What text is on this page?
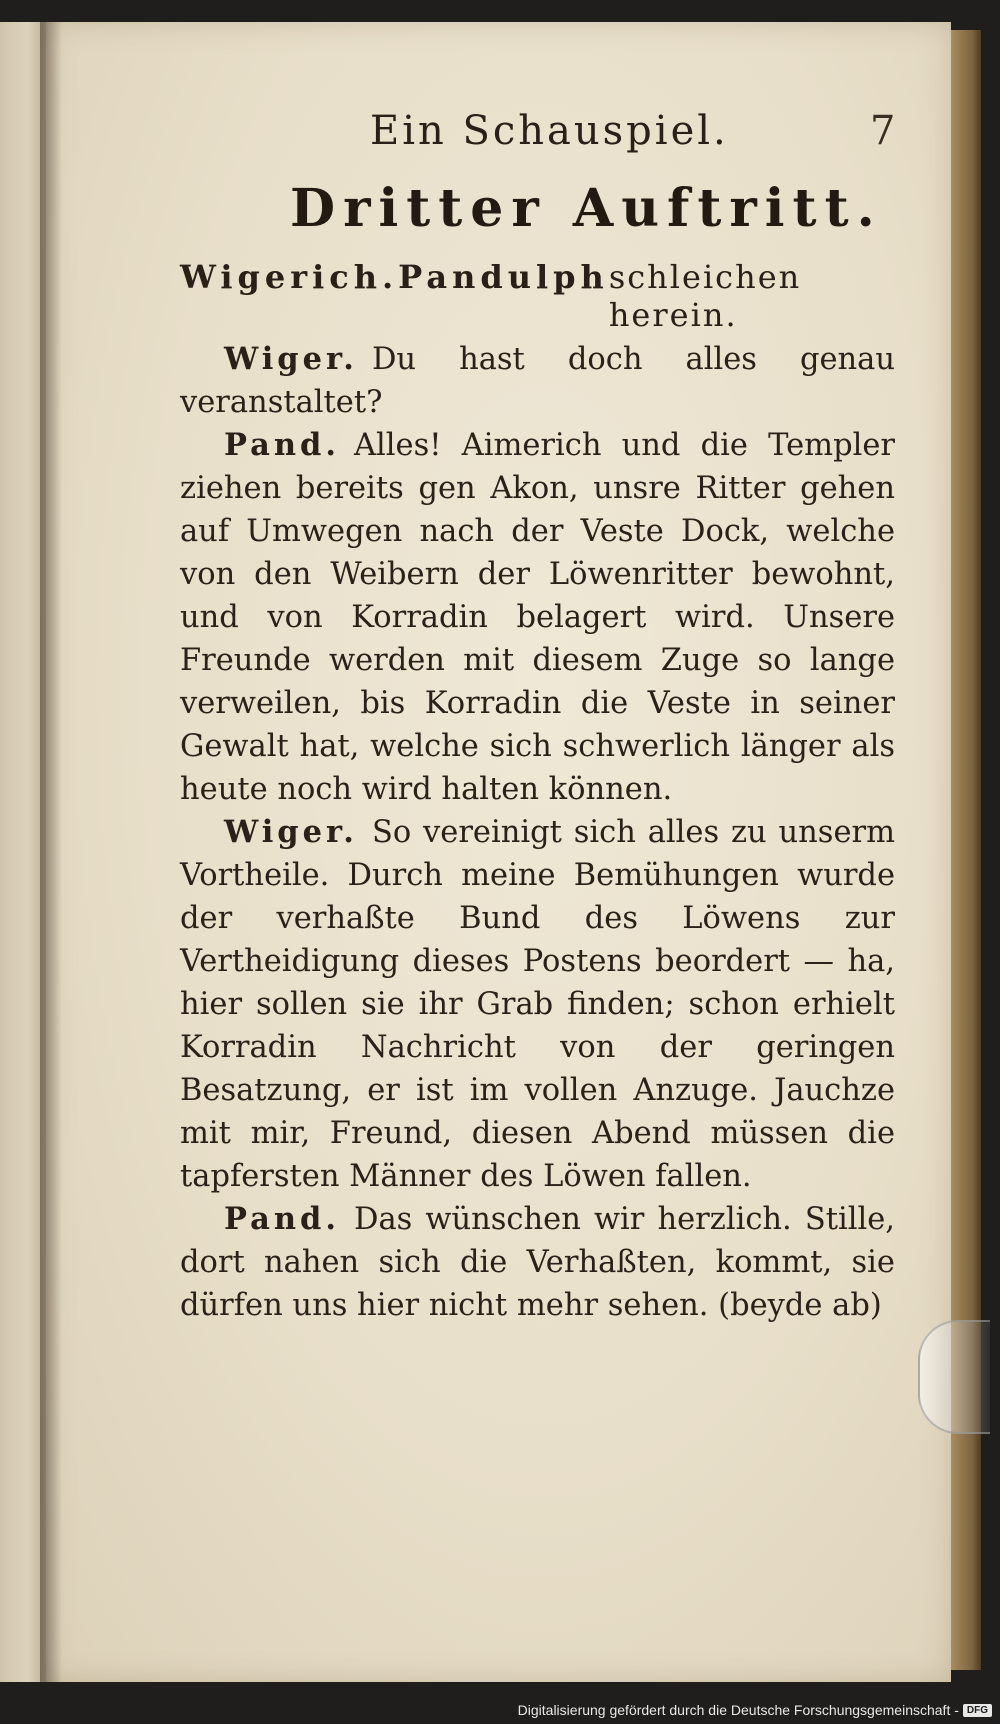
Ein Schauspiel.	7
Dritter Auftritt.
Wigerich. Pandulph schleichen herein.

Wiger. Du hast doch alles genau veranstaltet?

Pand. Alles! Aimerich und die Templer ziehen bereits gen Akon, unsre Ritter gehen auf Umwegen nach der Veste Dock, welche von den Weibern der Löwenritter bewohnt, und von Korradin belagert wird. Unsere Freunde werden mit diesem Zuge so lange verweilen, bis Korradin die Veste in seiner Gewalt hat, welche sich schwerlich länger als heute noch wird halten können.

Wiger. So vereinigt sich alles zu unserm Vortheile. Durch meine Bemühungen wurde der verhaßte Bund des Löwens zur Vertheidigung dieses Postens beordert — ha, hier sollen sie ihr Grab finden; schon erhielt Korradin Nachricht von der geringen Besatzung, er ist im vollen Anzuge. Jauchze mit mir, Freund, diesen Abend müssen die tapfersten Männer des Löwen fallen.

Pand. Das wünschen wir herzlich. Stille, dort nahen sich die Verhaßten, kommt, sie dürfen uns hier nicht mehr sehen. (beyde ab)

Digitalisierung gefördert durch die Deutsche Forschungsgemeinschaft - DFG
